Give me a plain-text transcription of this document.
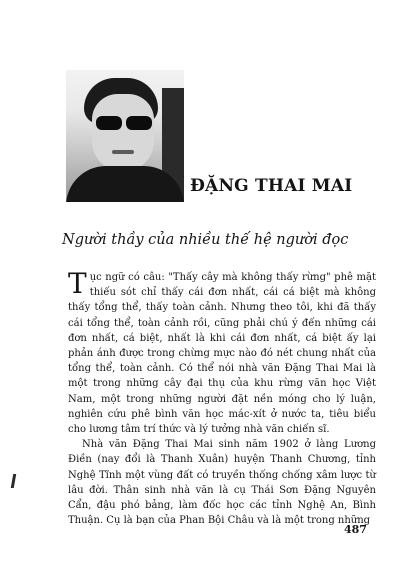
ĐẶNG THAI MAI
Người thầy của nhiều thế hệ người đọc

Tục ngữ có câu: "Thấy cây mà không thấy rừng" phê mặt thiếu sót chỉ thấy cái đơn nhất, cái cá biệt mà không thấy tổng thể, thấy toàn cảnh. Nhưng theo tôi, khi đã thấy cái tổng thể, toàn cảnh rồi, cũng phải chú ý đến những cái đơn nhất, cá biệt, nhất là khi cái đơn nhất, cá biệt ấy lại phản ánh được trong chừng mực nào đó nét chung nhất của tổng thể, toàn cảnh. Có thể nói nhà văn Đặng Thai Mai là một trong những cây đại thụ của khu rừng văn học Việt Nam, một trong những người đặt nền móng cho lý luận, nghiên cứu phê bình văn học mác-xít ở nước ta, tiêu biểu cho lương tâm trí thức và lý tưởng nhà văn chiến sĩ.

Nhà văn Đặng Thai Mai sinh năm 1902 ở làng Lương Điền (nay đổi là Thanh Xuân) huyện Thanh Chương, tỉnh Nghệ Tĩnh một vùng đất có truyền thống chống xâm lược từ lâu đời. Thân sinh nhà văn là cụ Thái Sơn Đặng Nguyên Cẩn, đậu phó bảng, làm đốc học các tỉnh Nghệ An, Bình Thuận. Cụ là bạn của Phan Bội Châu và là một trong những

487
